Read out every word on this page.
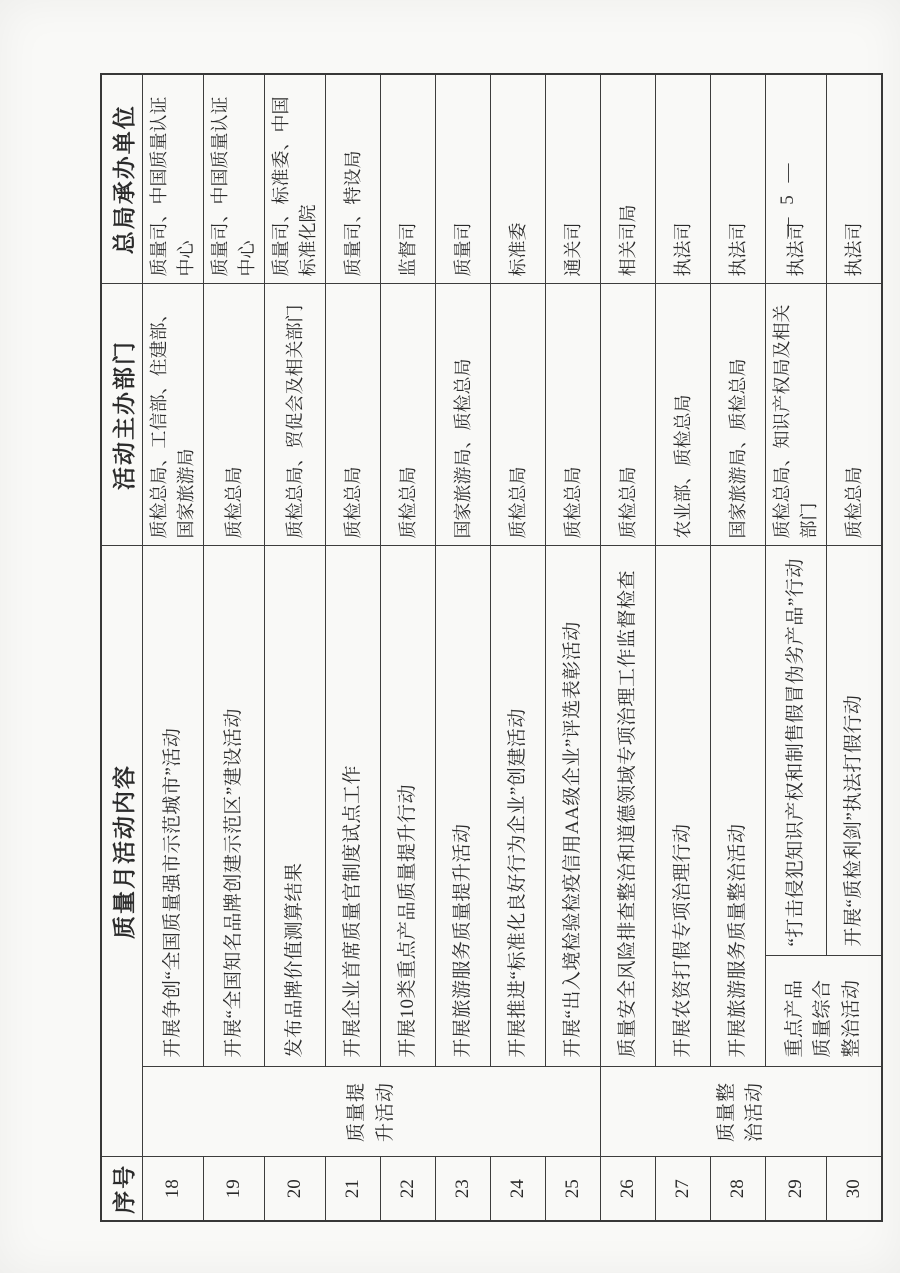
序号	质量月活动内容			活动主办部门	总局承办单位
18	质量提升活动	开展争创“全国质量强市示范城市”活动		质检总局、工信部、住建部、国家旅游局	质量司、中国质量认证中心
19		开展“全国知名品牌创建示范区”建设活动		质检总局	质量司、中国质量认证中心
20		发布品牌价值测算结果		质检总局、贸促会及相关部门	质量司、标准委、中国标准化院
21		开展企业首席质量官制度试点工作		质检总局	质量司、特设局
22		开展10类重点产品质量提升行动		质检总局	监督司
23		开展旅游服务质量提升活动		国家旅游局、质检总局	质量司
24		开展推进“标准化良好行为企业”创建活动		质检总局	标准委
25		开展“出入境检验检疫信用AA级企业”评选表彰活动		质检总局	通关司
26	质量整治活动	质量安全风险排查整治和道德领域专项治理工作监督检查		质检总局	相关司局
27		开展农资打假专项治理行动		农业部、质检总局	执法司
28		开展旅游服务质量整治活动		国家旅游局、质检总局	执法司
29		重点产品质量综合整治活动	“打击侵犯知识产权和制售假冒伪劣产品”行动	质检总局、知识产权局及相关部门	执法司
30			开展“质检利剑”执法打假行动	质检总局	执法司
— 5 —
